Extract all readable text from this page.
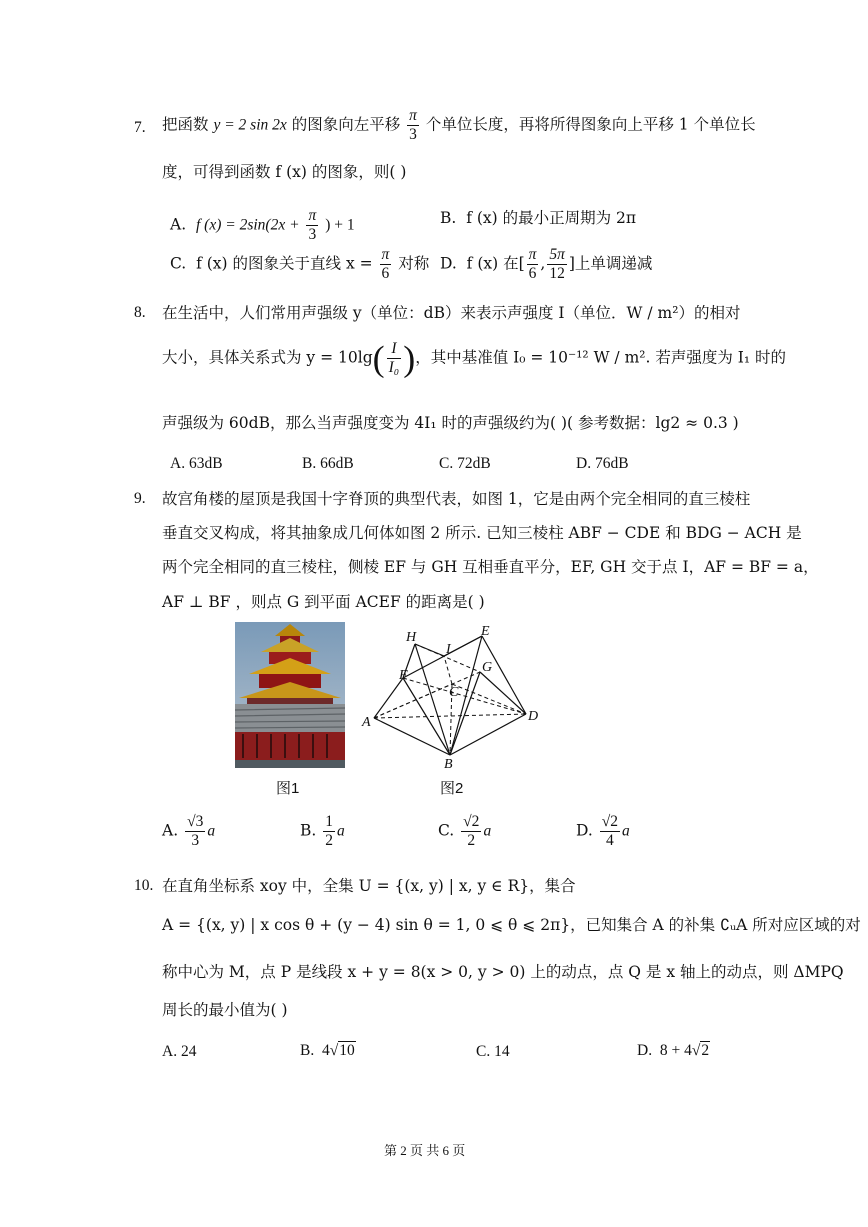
7. 把函数 y = 2 sin 2x 的图象向左平移 $\frac{\pi}{3}$ 个单位长度，再将所得图象向上平移 1 个单位长
度，可得到函数 f (x) 的图象，则( )
A. f $(x) = 2\sin(2x + \frac{\pi}{3}$ ) + 1	B. f (x) 的最小正周期为 2π
C. f (x) 的图象关于直线 $x = \frac{\pi}{6}$ 对称 D. f (x) 在[ $\frac{\pi}{6}$ , $\frac{5\pi}{12}$ ]上单调递减
8. 在生活中，人们常用声强级 y（单位：dB）来表示声强度 I（单位．W / m²）的相对
大小，具体关系式为 $y = 10\lg( \frac{I}{\text{I₀}}$ )，其中基准值 I₀ = 10⁻¹² W / m². 若声强度为 I₁ 时的
声强级为 60dB，那么当声强度变为 4I₁ 时的声强级约为( )( 参考数据：lg2 ≈ 0.3 )
A. 63dB	B. 66dB	C. 72dB	D. 76dB
9. 故宫角楼的屋顶是我国十字脊顶的典型代表，如图 1，它是由两个完全相同的直三棱柱
垂直交叉构成，将其抽象成几何体如图 2 所示. 已知三棱柱 ABF − CDE 和 BDG − ACH 是
两个完全相同的直三棱柱，侧棱 EF 与 GH 互相垂直平分，EF, GH 交于点 I，AF = BF = a，
AF ⊥ BF ，则点 G 到平面 ACEF 的距离是( )
H
I
E
F
G
C
A	D
B
图1	图2
A. $\frac{√3}{3}$ a	B. $\frac{1}{2}$ a	C. $\frac{√2}{2}$ a	D. $\frac{√2}{4}$ a
10. 在直角坐标系 xoy 中，全集 U = {(x, y) | x, y ∈ R}，集合
A = {(x, y) | x cos θ + (y − 4) sin θ = 1, 0 ⩽ θ ⩽ 2π}，已知集合 A 的补集 ∁ᵤA 所对应区域的对
称中心为 M，点 P 是线段 x + y = 8(x > 0, y > 0) 上的动点，点 Q 是 x 轴上的动点，则 ΔMPQ
周长的最小值为( )
A. 24	B. 4√10	C. 14	D. 8 + 4√2
第 2 页 共 6 页
